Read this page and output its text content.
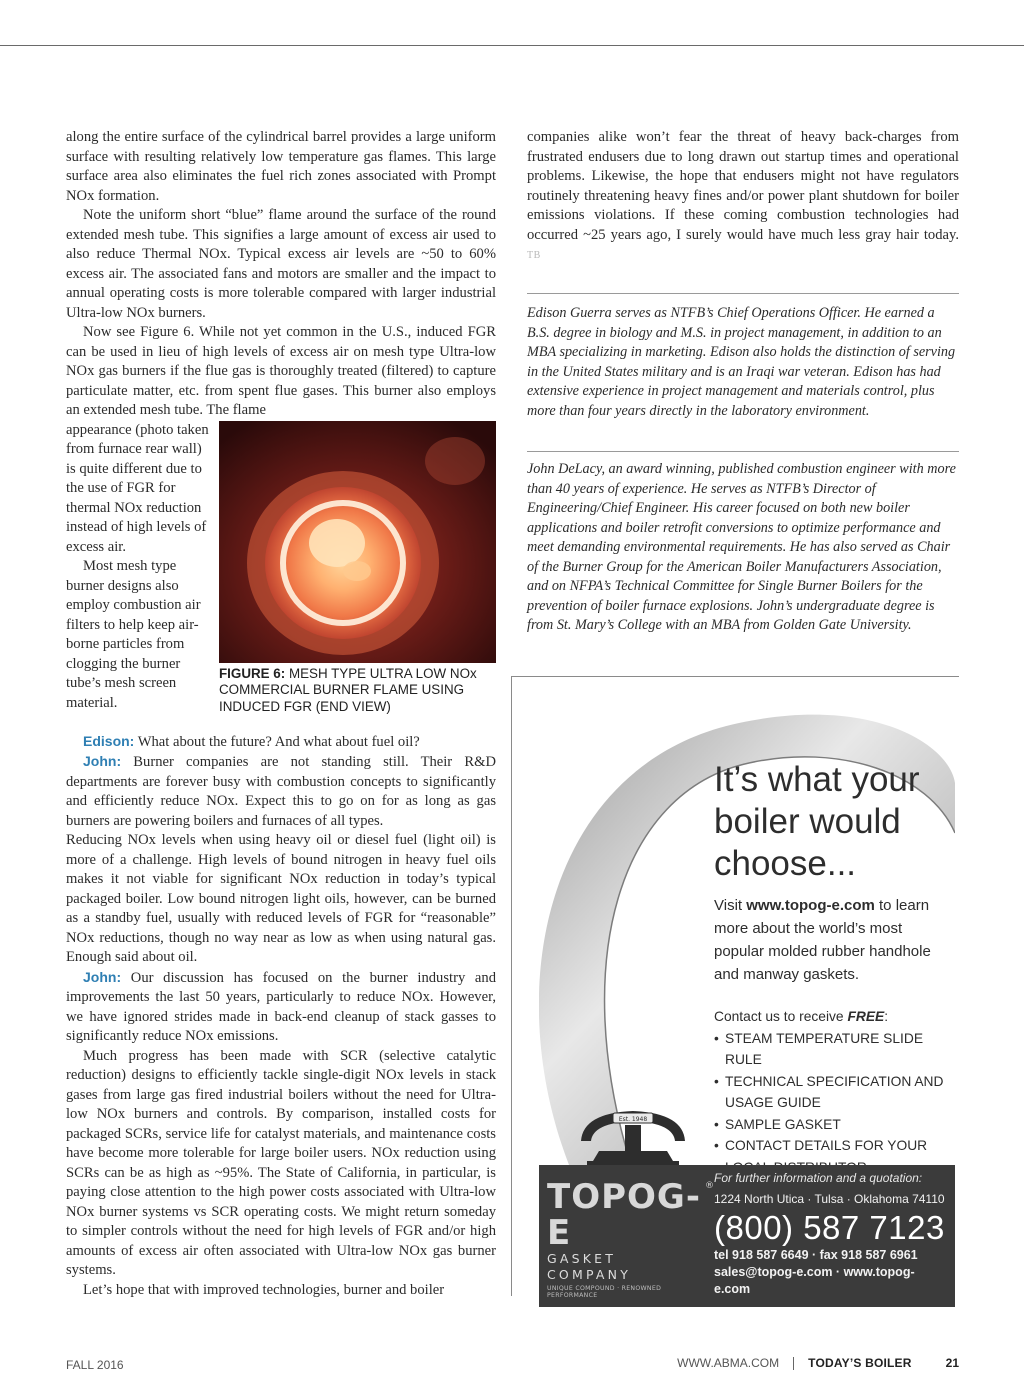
along the entire surface of the cylindrical barrel provides a large uniform surface with resulting relatively low temperature gas flames. This large surface area also eliminates the fuel rich zones associated with Prompt NOx formation.

Note the uniform short “blue” flame around the surface of the round extended mesh tube. This signifies a large amount of excess air used to also reduce Thermal NOx. Typical excess air levels are ~50 to 60% excess air. The associated fans and motors are smaller and the impact to annual operating costs is more tolerable compared with larger industrial Ultra-low NOx burners.

Now see Figure 6. While not yet common in the U.S., induced FGR can be used in lieu of high levels of excess air on mesh type Ultra-low NOx gas burners if the flue gas is thoroughly treated (filtered) to capture particulate matter, etc. from spent flue gases. This burner also employs an extended mesh tube. The flame

appearance (photo taken from furnace rear wall) is quite different due to the use of FGR for thermal NOx reduction instead of high levels of excess air.

Most mesh type burner designs also employ combustion air filters to help keep air-borne particles from clogging the burner tube’s mesh screen material.

FIGURE 6: MESH TYPE ULTRA LOW NOx COMMERCIAL BURNER FLAME USING INDUCED FGR (END VIEW)

Edison: What about the future? And what about fuel oil?

John: Burner companies are not standing still. Their R&D departments are forever busy with combustion concepts to significantly and efficiently reduce NOx. Expect this to go on for as long as gas burners are powering boilers and furnaces of all types.

Reducing NOx levels when using heavy oil or diesel fuel (light oil) is more of a challenge. High levels of bound nitrogen in heavy fuel oils makes it not viable for significant NOx reduction in today’s typical packaged boiler. Low bound nitrogen light oils, however, can be burned as a standby fuel, usually with reduced levels of FGR for “reasonable” NOx reductions, though no way near as low as when using natural gas. Enough said about oil.

John: Our discussion has focused on the burner industry and improvements the last 50 years, particularly to reduce NOx. However, we have ignored strides made in back-end cleanup of stack gasses to significantly reduce NOx emissions.

Much progress has been made with SCR (selective catalytic reduction) designs to efficiently tackle single-digit NOx levels in stack gases from large gas fired industrial boilers without the need for Ultra-low NOx burners and controls. By comparison, installed costs for packaged SCRs, service life for catalyst materials, and maintenance costs have become more tolerable for large boiler users. NOx reduction using SCRs can be as high as ~95%. The State of California, in particular, is paying close attention to the high power costs associated with Ultra-low NOx burner systems vs SCR operating costs. We might return someday to simpler controls without the need for high levels of FGR and/or high amounts of excess air often associated with Ultra-low NOx gas burner systems.

Let’s hope that with improved technologies, burner and boiler

companies alike won’t fear the threat of heavy back-charges from frustrated endusers due to long drawn out startup times and operational problems. Likewise, the hope that endusers might not have regulators routinely threatening heavy fines and/or power plant shutdown for boiler emissions violations. If these coming combustion technologies had occurred ~25 years ago, I surely would have much less gray hair today. TB

Edison Guerra serves as NTFB’s Chief Operations Officer. He earned a B.S. degree in biology and M.S. in project management, in addition to an MBA specializing in marketing. Edison also holds the distinction of serving in the United States military and is an Iraqi war veteran. Edison has had extensive experience in project management and materials control, plus more than four years directly in the laboratory environment.
John DeLacy, an award winning, published combustion engineer with more than 40 years of experience. He serves as NTFB’s Director of Engineering/Chief Engineer. His career focused on both new boiler applications and boiler retrofit conversions to optimize performance and meet demanding environmental requirements. He has also served as Chair of the Burner Group for the American Boiler Manufacturers Association, and on NFPA’s Technical Committee for Single Burner Boilers for the prevention of boiler furnace explosions. John’s undergraduate degree is from St. Mary’s College with an MBA from Golden Gate University.
It’s what your boiler would choose...
Visit www.topog-e.com to learn more about the world’s most popular molded rubber handhole and manway gaskets.
Contact us to receive FREE:
• STEAM TEMPERATURE SLIDE RULE
• TECHNICAL SPECIFICATION AND USAGE GUIDE
• SAMPLE GASKET
• CONTACT DETAILS FOR YOUR
Est. 1948
TOPOG-E
GASKET COMPANY
UNIQUE COMPOUND · RENOWNED PERFORMANCE
®
For further information and a quotation:
1224 North Utica · Tulsa · Oklahoma 74110
(800) 587 7123
tel 918 587 6649 · fax 918 587 6961
sales@topog-e.com · www.topog-e.com
FALL 2016	WWW.ABMA.COM TODAY’S BOILER	21
